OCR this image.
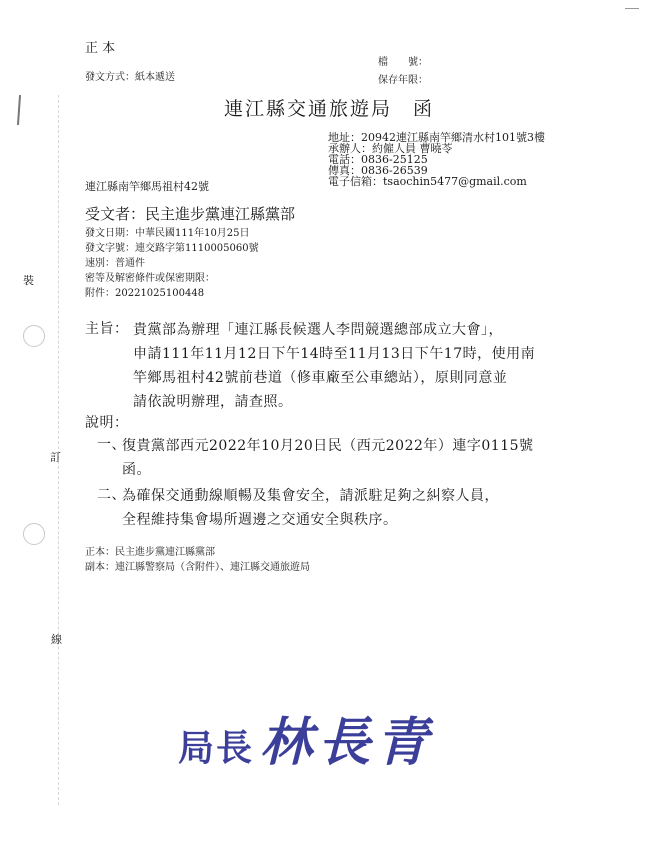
裝
訂
線
正 本
發文方式：紙本遞送
檔　　號：
保存年限：
連江縣交通旅遊局　函
地址：20942連江縣南竿鄉清水村101號3樓
承辦人：約僱人員 曹曉苓
電話：0836-25125
傳真：0836-26539
電子信箱：tsaochin5477@gmail.com
連江縣南竿鄉馬祖村42號
受文者：民主進步黨連江縣黨部
發文日期：中華民國111年10月25日
發文字號：連交路字第1110005060號
速別：普通件
密等及解密條件或保密期限：
附件：20221025100448
主旨： 貴黨部為辦理「連江縣長候選人李問競選總部成立大會」，
申請111年11月12日下午14時至11月13日下午17時，使用南
竿鄉馬祖村42號前巷道（修車廠至公車總站），原則同意並
請依說明辦理，請查照。
說明：
一、
復貴黨部西元2022年10月20日民（西元2022年）連字0115號
函。
二、
為確保交通動線順暢及集會安全，請派駐足夠之糾察人員，
全程維持集會場所週邊之交通安全與秩序。
正本：民主進步黨連江縣黨部
副本：連江縣警察局（含附件）、連江縣交通旅遊局
局長 林長青
